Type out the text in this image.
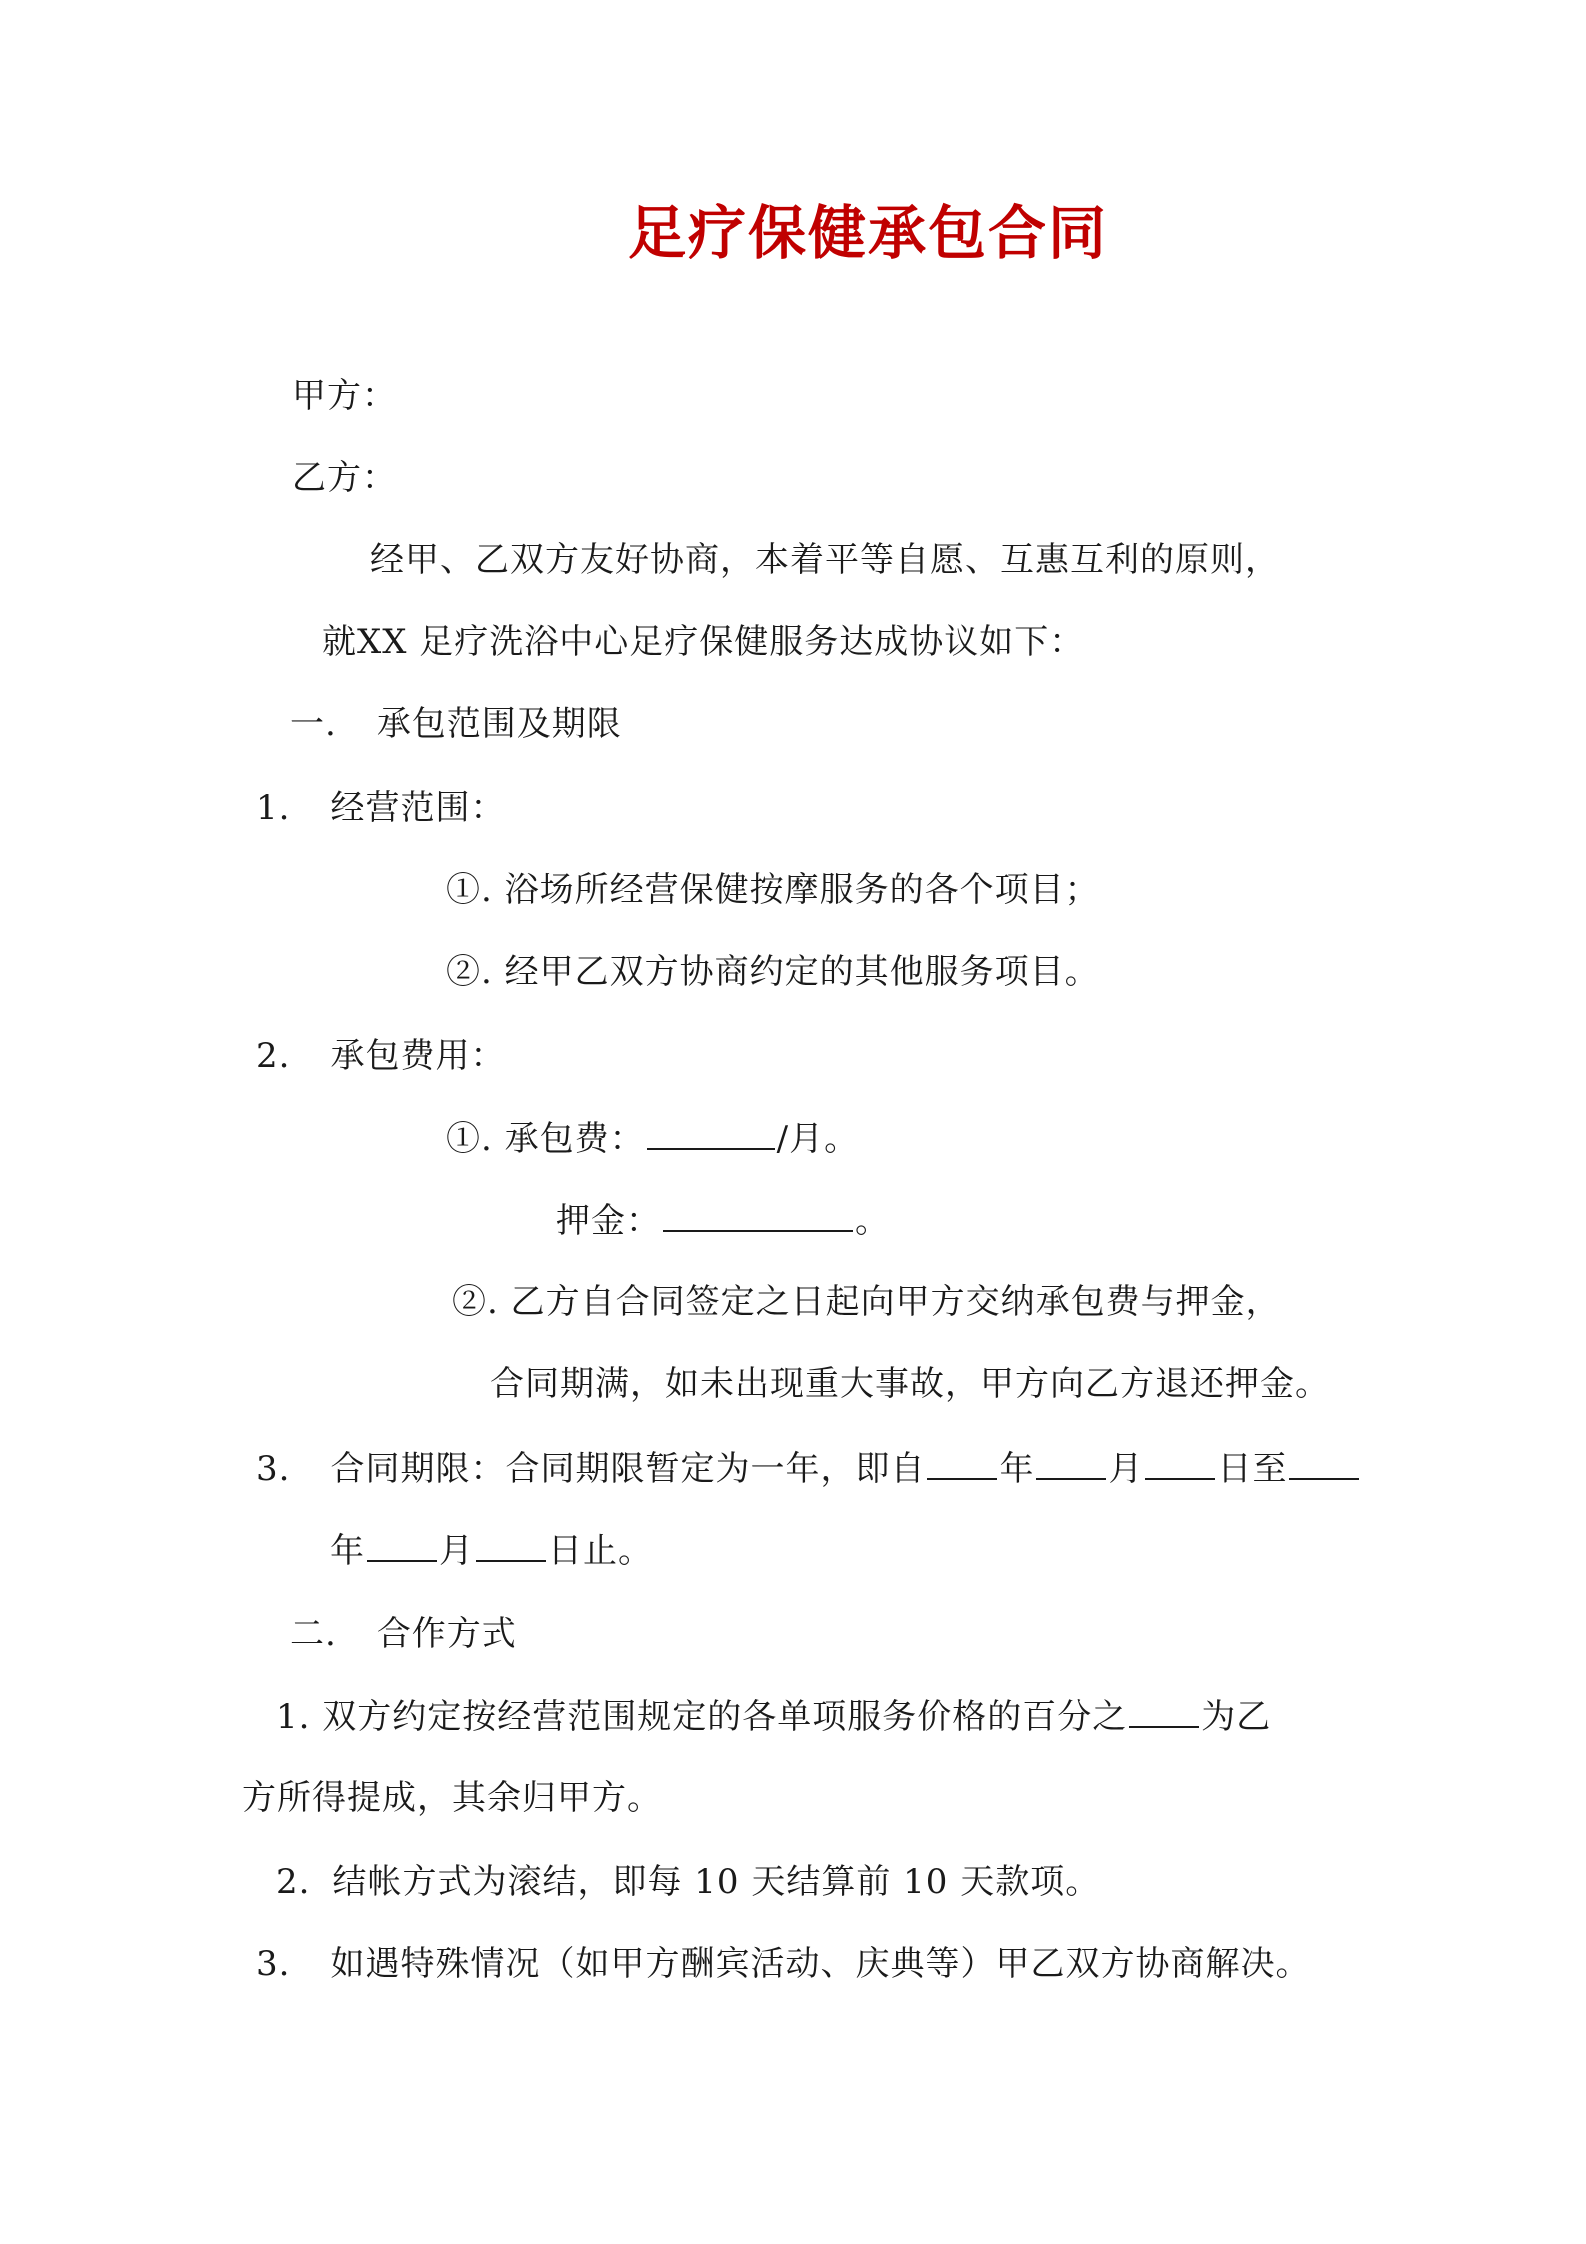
足疗保健承包合同
甲方：
乙方：
经甲、乙双方友好协商，本着平等自愿、互惠互利的原则，
就XX 足疗洗浴中心足疗保健服务达成协议如下：
一. 承包范围及期限
1. 经营范围：
①. 浴场所经营保健按摩服务的各个项目；
②. 经甲乙双方协商约定的其他服务项目。
2. 承包费用：
①. 承包费：	/月。
押金：	。
②. 乙方自合同签定之日起向甲方交纳承包费与押金，
合同期满，如未出现重大事故，甲方向乙方退还押金。
3. 合同期限：合同期限暂定为一年，即自 年 月 日至
年 月 日止。
二. 合作方式
1. 双方约定按经营范围规定的各单项服务价格的百分之 为乙
方所得提成，其余归甲方。
2. 结帐方式为滚结，即每 10 天结算前 10 天款项。
3. 如遇特殊情况（如甲方酬宾活动、庆典等）甲乙双方协商解决。
